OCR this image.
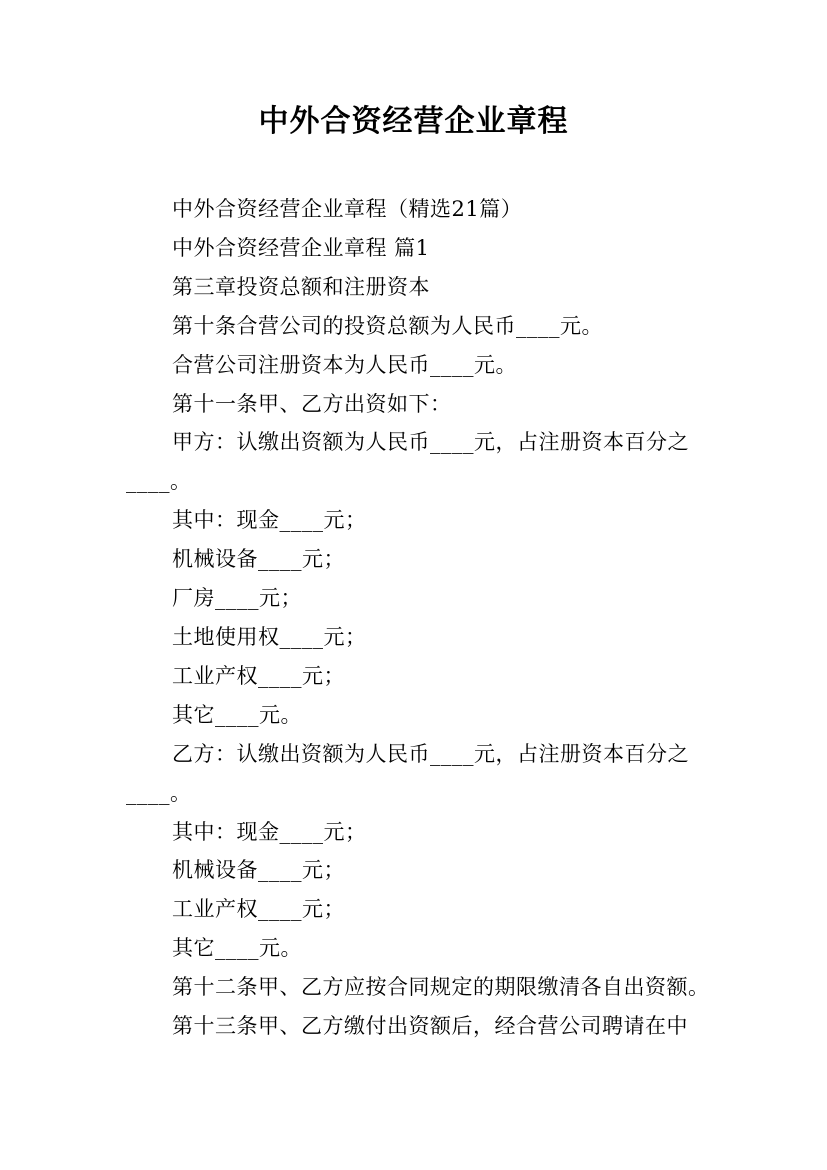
中外合资经营企业章程

中外合资经营企业章程（精选21篇）

中外合资经营企业章程 篇1

第三章投资总额和注册资本

第十条合营公司的投资总额为人民币____元。

合营公司注册资本为人民币____元。

第十一条甲、乙方出资如下：

甲方：认缴出资额为人民币____元，占注册资本百分之

____。

其中：现金____元；

机械设备____元；

厂房____元；

土地使用权____元；

工业产权____元；

其它____元。

乙方：认缴出资额为人民币____元，占注册资本百分之

____。

其中：现金____元；

机械设备____元；

工业产权____元；

其它____元。

第十二条甲、乙方应按合同规定的期限缴清各自出资额。

第十三条甲、乙方缴付出资额后，经合营公司聘请在中
